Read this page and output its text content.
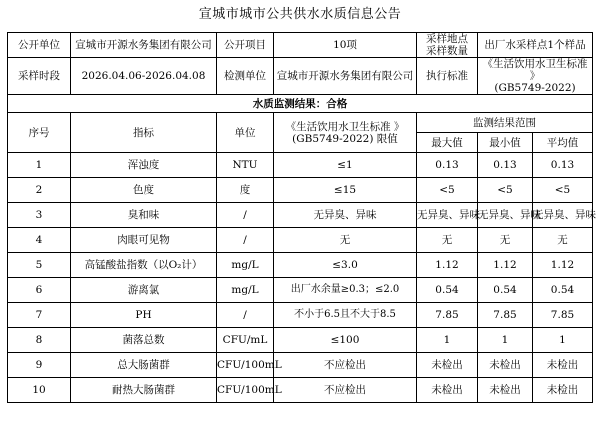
宣城市城市公共供水水质信息公告
公开单位	宣城市开源水务集团有限公司	公开项目	10项	采样地点
采样数量	出厂水采样点1个样品	
采样时段	2026.04.06-2026.04.08	检测单位	宣城市开源水务集团有限公司	执行标准	《生活饮用水卫生标准 》
(GB5749-2022)	
水质监测结果：合格						
序号	指标	单位	《生活饮用水卫生标准 》
(GB5749-2022) 限值	监测结果范围		
				最大值	最小值	平均值
1	浑浊度	NTU	≤1	0.13	0.13	0.13
2	色度	度	≤15	<5	<5	<5
3	臭和味	/	无异臭、异味	无异臭、异味	无异臭、异味	无异臭、异味
4	肉眼可见物	/	无	无	无	无
5	高锰酸盐指数（以O₂计）	mg/L	≤3.0	1.12	1.12	1.12
6	游离氯	mg/L	出厂水余量≥0.3；≤2.0	0.54	0.54	0.54
7	PH	/	不小于6.5且不大于8.5	7.85	7.85	7.85
8	菌落总数	CFU/mL	≤100	1	1	1
9	总大肠菌群	CFU/100mL	不应检出	未检出	未检出	未检出
10	耐热大肠菌群	CFU/100mL	不应检出	未检出	未检出	未检出
